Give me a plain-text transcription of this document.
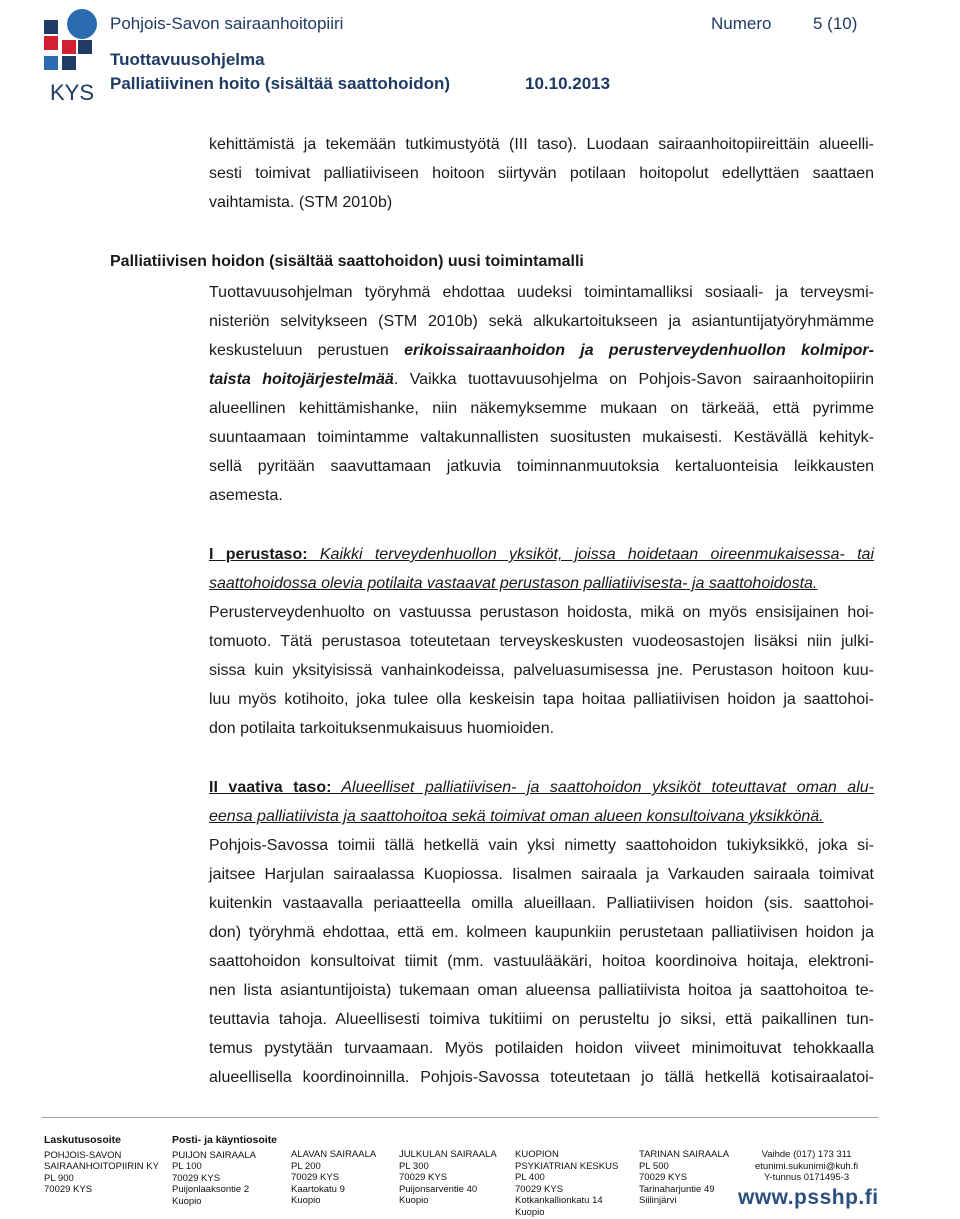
KYS
Pohjois-Savon sairaanhoitopiiri	Numero 5 (10)
Tuottavuusohjelma
Palliatiivinen hoito (sisältää saattohoidon)	10.10.2013
kehittämistä ja tekemään tutkimustyötä (III taso). Luodaan sairaanhoitopiireittäin alueelli-
sesti toimivat palliatiiviseen hoitoon siirtyvän potilaan hoitopolut edellyttäen saattaen
vaihtamista. (STM 2010b)
Palliatiivisen hoidon (sisältää saattohoidon) uusi toimintamalli
Tuottavuusohjelman työryhmä ehdottaa uudeksi toimintamalliksi sosiaali- ja terveysmi-
nisteriön selvitykseen (STM 2010b) sekä alkukartoitukseen ja asiantuntijatyöryhmämme
keskusteluun perustuen erikoissairaanhoidon ja perusterveydenhuollon kolmipor-
taista hoitojärjestelmää. Vaikka tuottavuusohjelma on Pohjois-Savon sairaanhoitopiirin
alueellinen kehittämishanke, niin näkemyksemme mukaan on tärkeää, että pyrimme
suuntaamaan toimintamme valtakunnallisten suositusten mukaisesti. Kestävällä kehityk-
sellä pyritään saavuttamaan jatkuvia toiminnanmuutoksia kertaluonteisia leikkausten
asemesta.
I perustaso: Kaikki terveydenhuollon yksiköt, joissa hoidetaan oireenmukaisessa- tai
saattohoidossa olevia potilaita vastaavat perustason palliatiivisesta- ja saattohoidosta.
Perusterveydenhuolto on vastuussa perustason hoidosta, mikä on myös ensisijainen hoi-
tomuoto. Tätä perustasoa toteutetaan terveyskeskusten vuodeosastojen lisäksi niin julki-
sissa kuin yksityisissä vanhainkodeissa, palveluasumisessa jne. Perustason hoitoon kuu-
luu myös kotihoito, joka tulee olla keskeisin tapa hoitaa palliatiivisen hoidon ja saattohoi-
don potilaita tarkoituksenmukaisuus huomioiden.
II vaativa taso: Alueelliset palliatiivisen- ja saattohoidon yksiköt toteuttavat oman alu-
eensa palliatiivista ja saattohoitoa sekä toimivat oman alueen konsultoivana yksikkönä.
Pohjois-Savossa toimii tällä hetkellä vain yksi nimetty saattohoidon tukiyksikkö, joka si-
jaitsee Harjulan sairaalassa Kuopiossa. Iisalmen sairaala ja Varkauden sairaala toimivat
kuitenkin vastaavalla periaatteella omilla alueillaan. Palliatiivisen hoidon (sis. saattohoi-
don) työryhmä ehdottaa, että em. kolmeen kaupunkiin perustetaan palliatiivisen hoidon ja
saattohoidon konsultoivat tiimit (mm. vastuulääkäri, hoitoa koordinoiva hoitaja, elektroni-
nen lista asiantuntijoista) tukemaan oman alueensa palliatiivista hoitoa ja saattohoitoa te-
teuttavia tahoja. Alueellisesti toimiva tukitiimi on perusteltu jo siksi, että paikallinen tun-
temus pystytään turvaamaan. Myös potilaiden hoidon viiveet minimoituvat tehokkaalla
alueellisella koordinoinnilla. Pohjois-Savossa toteutetaan jo tällä hetkellä kotisairaalatoi-
Laskutusosoite
POHJOIS-SAVON
SAIRAANHOITOPIIRIN KY
PL 900
70029 KYS
Posti- ja käyntiosoite
PUIJON SAIRAALA
PL 100
70029 KYS
Puijonlaaksontie 2
Kuopio
ALAVAN SAIRAALA
PL 200
70029 KYS
Kaartokatu 9
Kuopio
JULKULAN SAIRAALA
PL 300
70029 KYS
Puijonsarventie 40
Kuopio
KUOPION
PSYKIATRIAN KESKUS
PL 400
70029 KYS
Kotkankallionkatu 14
Kuopio
TARINAN SAIRAALA
PL 500
70029 KYS
Tarinaharjuntie 49
Siilinjärvi
Vaihde (017) 173 311
etunimi.sukunimi@kuh.fi
Y-tunnus 0171495-3
www.psshp.fi
